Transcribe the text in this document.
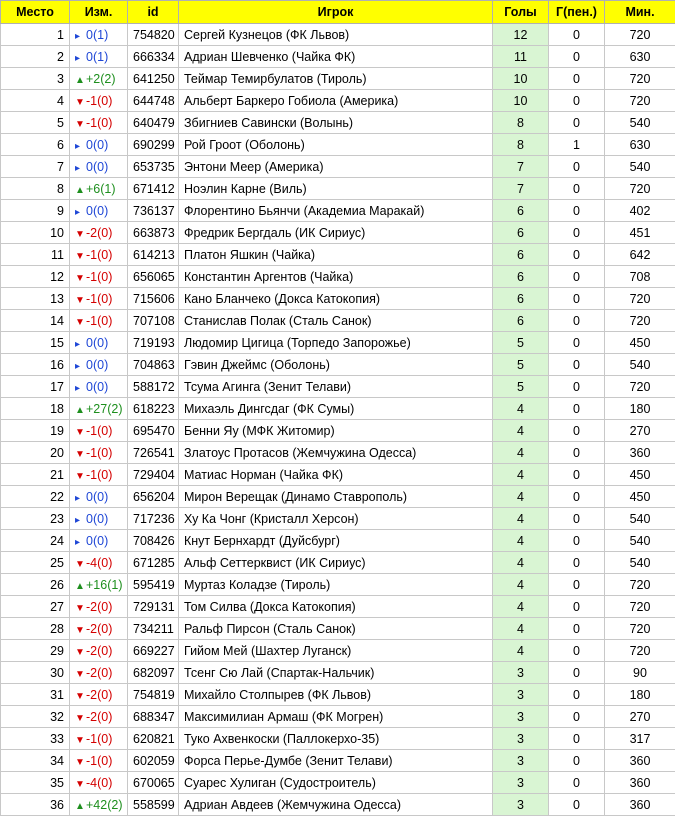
Место	Изм.	id	Игрок	Голы	Г(пен.)	Мин.
1	▸ 0(1)	754820	Сергей Кузнецов (ФК Львов)	12	0	720
2	▸ 0(1)	666334	Адриан Шевченко (Чайка ФК)	11	0	630
3	▲+2(2)	641250	Теймар Темирбулатов (Тироль)	10	0	720
4	▼-1(0)	644748	Альберт Баркеро Гобиола (Америка)	10	0	720
5	▼-1(0)	640479	Збигниев Савински (Волынь)	8	0	540
6	▸ 0(0)	690299	Рой Гроот (Оболонь)	8	1	630
7	▸ 0(0)	653735	Энтони Меер (Америка)	7	0	540
8	▲+6(1)	671412	Ноэлин Карне (Виль)	7	0	720
9	▸ 0(0)	736137	Флорентино Бьянчи (Академиа Маракай)	6	0	402
10	▼-2(0)	663873	Фредрик Бергдаль (ИК Сириус)	6	0	451
11	▼-1(0)	614213	Платон Яшкин (Чайка)	6	0	642
12	▼-1(0)	656065	Константин Аргентов (Чайка)	6	0	708
13	▼-1(0)	715606	Кано Бланчеко (Докса Катокопия)	6	0	720
14	▼-1(0)	707108	Станислав Полак (Сталь Санок)	6	0	720
15	▸ 0(0)	719193	Людомир Цигица (Торпедо Запорожье)	5	0	450
16	▸ 0(0)	704863	Гэвин Джеймс (Оболонь)	5	0	540
17	▸ 0(0)	588172	Тсума Агинга (Зенит Телави)	5	0	720
18	▲+27(2)	618223	Михаэль Дингсдаг (ФК Сумы)	4	0	180
19	▼-1(0)	695470	Бенни Яу (МФК Житомир)	4	0	270
20	▼-1(0)	726541	Златоус Протасов (Жемчужина Одесса)	4	0	360
21	▼-1(0)	729404	Матиас Норман (Чайка ФК)	4	0	450
22	▸ 0(0)	656204	Мирон Верещак (Динамо Ставрополь)	4	0	450
23	▸ 0(0)	717236	Ху Ка Чонг (Кристалл Херсон)	4	0	540
24	▸ 0(0)	708426	Кнут Бернхардт (Дуйсбург)	4	0	540
25	▼-4(0)	671285	Альф Сеттерквист (ИК Сириус)	4	0	540
26	▲+16(1)	595419	Муртаз Коладзе (Тироль)	4	0	720
27	▼-2(0)	729131	Том Силва (Докса Катокопия)	4	0	720
28	▼-2(0)	734211	Ральф Пирсон (Сталь Санок)	4	0	720
29	▼-2(0)	669227	Гийом Мей (Шахтер Луганск)	4	0	720
30	▼-2(0)	682097	Тсенг Сю Лай (Спартак-Нальчик)	3	0	90
31	▼-2(0)	754819	Михайло Столпырев (ФК Львов)	3	0	180
32	▼-2(0)	688347	Максимилиан Армаш (ФК Могрен)	3	0	270
33	▼-1(0)	620821	Туко Ахвенкоски (Паллокерхо-35)	3	0	317
34	▼-1(0)	602059	Форса Перье-Думбе (Зенит Телави)	3	0	360
35	▼-4(0)	670065	Суарес Хулиган (Судостроитель)	3	0	360
36	▲+42(2)	558599	Адриан Авдеев (Жемчужина Одесса)	3	0	360
